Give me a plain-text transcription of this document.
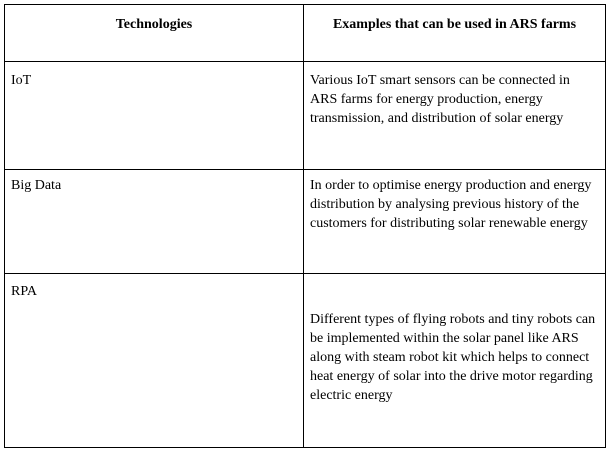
Technologies	Examples that can be used in ARS farms
IoT	Various IoT smart sensors can be connected in ARS farms for energy production, energy transmission, and distribution of solar energy
Big Data	In order to optimise energy production and energy distribution by analysing previous history of the customers for distributing solar renewable energy
RPA	Different types of flying robots and tiny robots can be implemented within the solar panel like ARS along with steam robot kit which helps to connect heat energy of solar into the drive motor regarding electric energy
